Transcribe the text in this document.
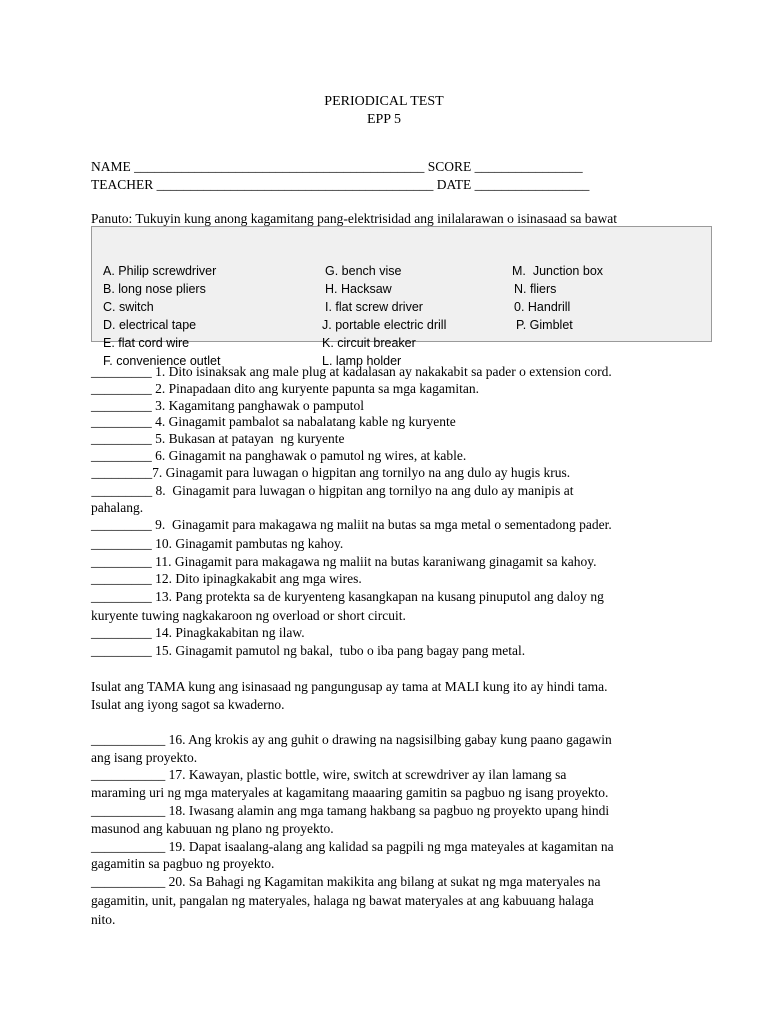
PERIODICAL TEST
EPP 5
NAME ___________________________________________ SCORE ________________
TEACHER _________________________________________ DATE _________________
Panuto: Tukuyin kung anong kagamitang pang-elektrisidad ang inilalarawan o isinasaad sa bawat
A. Philip screwdriver
B. long nose pliers
C. switch
D. electrical tape
E. flat cord wire
F. convenience outlet
G. bench vise
H. Hacksaw
I. flat screw driver
J. portable electric drill
K. circuit breaker
L. lamp holder
M.  Junction box
N. fliers
0. Handrill
P. Gimblet
_________ 1. Dito isinaksak ang male plug at kadalasan ay nakakabit sa pader o extension cord.
_________ 2. Pinapadaan dito ang kuryente papunta sa mga kagamitan.
_________ 3. Kagamitang panghawak o pamputol
_________ 4. Ginagamit pambalot sa nabalatang kable ng kuryente
_________ 5. Bukasan at patayan  ng kuryente
_________ 6. Ginagamit na panghawak o pamutol ng wires, at kable.
_________7. Ginagamit para luwagan o higpitan ang tornilyo na ang dulo ay hugis krus.
_________ 8.  Ginagamit para luwagan o higpitan ang tornilyo na ang dulo ay manipis at
pahalang.
_________ 9.  Ginagamit para makagawa ng maliit na butas sa mga metal o sementadong pader.
_________ 10. Ginagamit pambutas ng kahoy.
_________ 11. Ginagamit para makagawa ng maliit na butas karaniwang ginagamit sa kahoy.
_________ 12. Dito ipinagkakabit ang mga wires.
_________ 13. Pang protekta sa de kuryenteng kasangkapan na kusang pinuputol ang daloy ng
kuryente tuwing nagkakaroon ng overload or short circuit.
_________ 14. Pinagkakabitan ng ilaw.
_________ 15. Ginagamit pamutol ng bakal,  tubo o iba pang bagay pang metal.
Isulat ang TAMA kung ang isinasaad ng pangungusap ay tama at MALI kung ito ay hindi tama.
Isulat ang iyong sagot sa kwaderno.
___________ 16. Ang krokis ay ang guhit o drawing na nagsisilbing gabay kung paano gagawin
ang isang proyekto.
___________ 17. Kawayan, plastic bottle, wire, switch at screwdriver ay ilan lamang sa
maraming uri ng mga materyales at kagamitang maaaring gamitin sa pagbuo ng isang proyekto.
___________ 18. Iwasang alamin ang mga tamang hakbang sa pagbuo ng proyekto upang hindi
masunod ang kabuuan ng plano ng proyekto.
___________ 19. Dapat isaalang-alang ang kalidad sa pagpili ng mga mateyales at kagamitan na
gagamitin sa pagbuo ng proyekto.
___________ 20. Sa Bahagi ng Kagamitan makikita ang bilang at sukat ng mga materyales na
gagamitin, unit, pangalan ng materyales, halaga ng bawat materyales at ang kabuuang halaga
nito.
